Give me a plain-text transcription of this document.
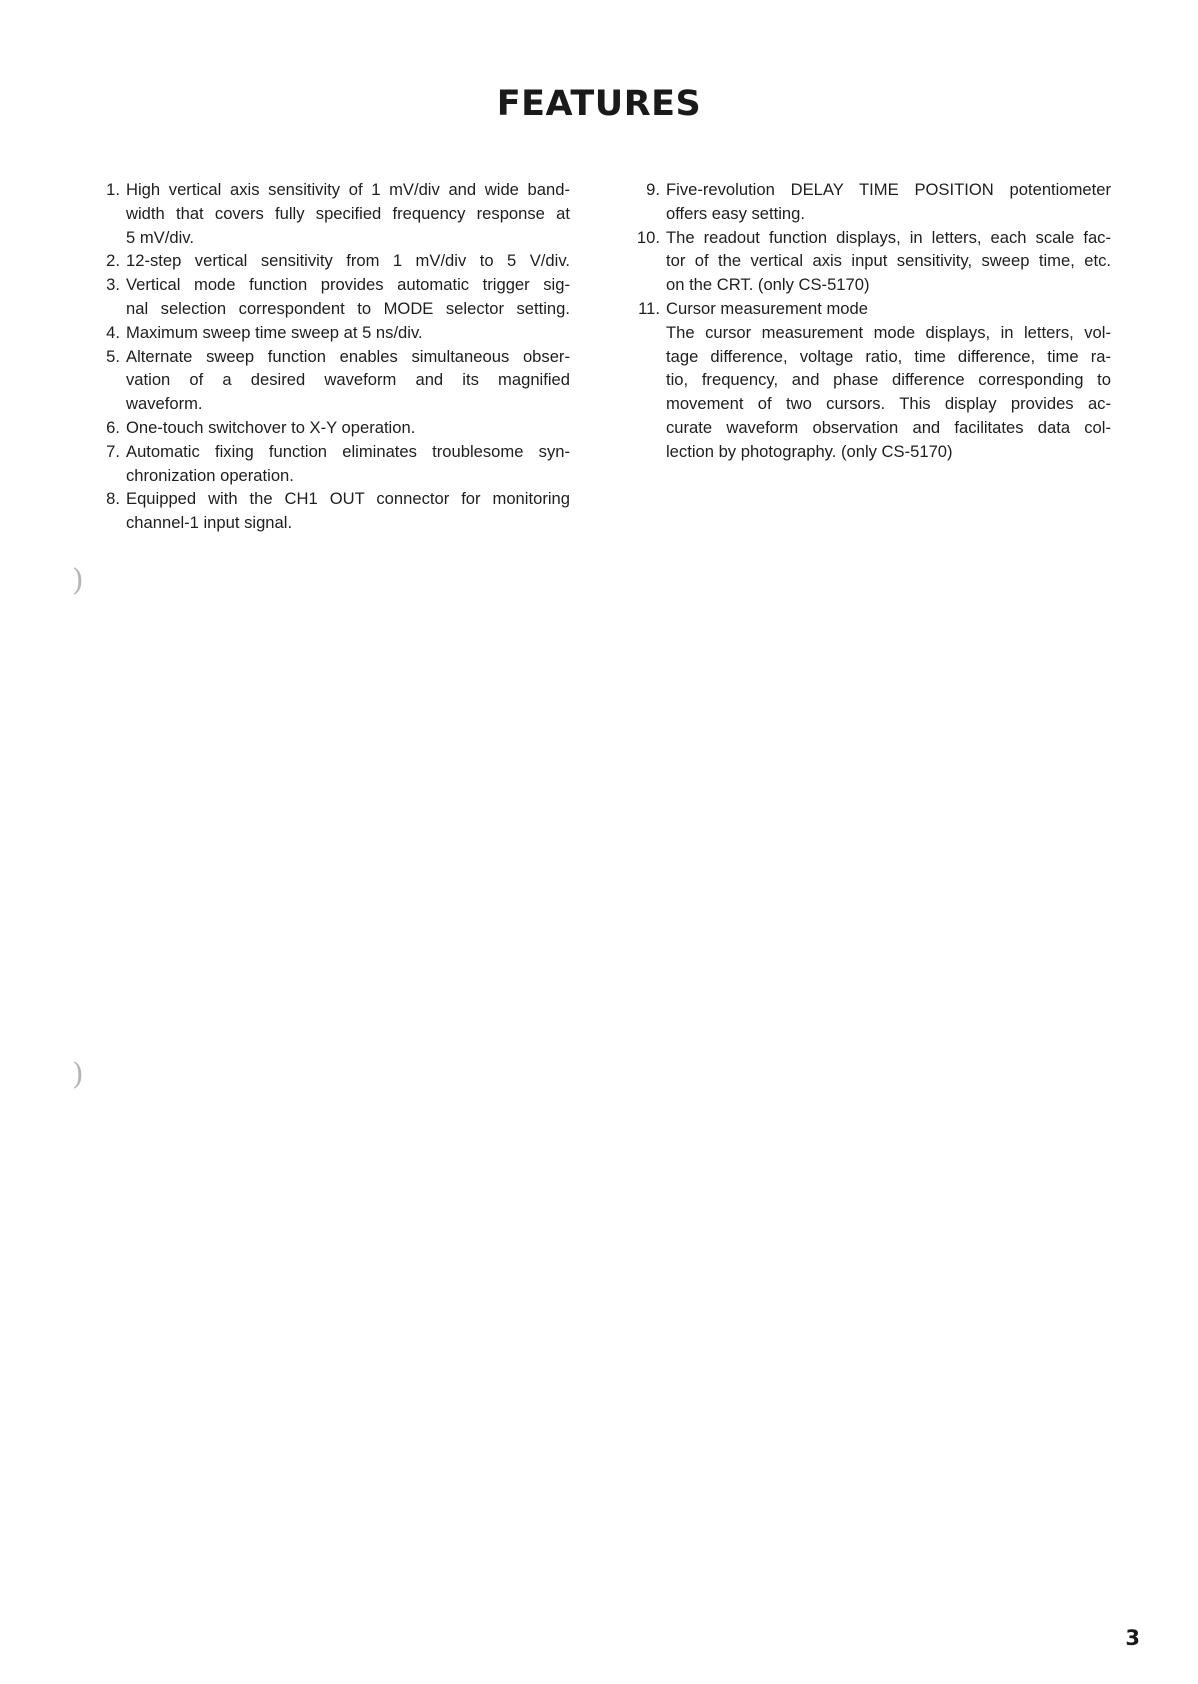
FEATURES
)
)
1. High vertical axis sensitivity of 1 mV/div and wide band-
width that covers fully specified frequency response at
5 mV/div.
2. 12-step vertical sensitivity from 1 mV/div to 5 V/div.
3. Vertical mode function provides automatic trigger sig-
nal selection correspondent to MODE selector setting.
4. Maximum sweep time sweep at 5 ns/div.
5. Alternate sweep function enables simultaneous obser-
vation of a desired waveform and its magnified
waveform.
6. One-touch switchover to X-Y operation.
7. Automatic fixing function eliminates troublesome syn-
chronization operation.
8. Equipped with the CH1 OUT connector for monitoring
channel-1 input signal.
9. Five-revolution DELAY TIME POSITION potentiometer
offers easy setting.
10. The readout function displays, in letters, each scale fac-
tor of the vertical axis input sensitivity, sweep time, etc.
on the CRT. (only CS-5170)
11. Cursor measurement mode
The cursor measurement mode displays, in letters, vol-
tage difference, voltage ratio, time difference, time ra-
tio, frequency, and phase difference corresponding to
movement of two cursors. This display provides ac-
curate waveform observation and facilitates data col-
lection by photography. (only CS-5170)
3
